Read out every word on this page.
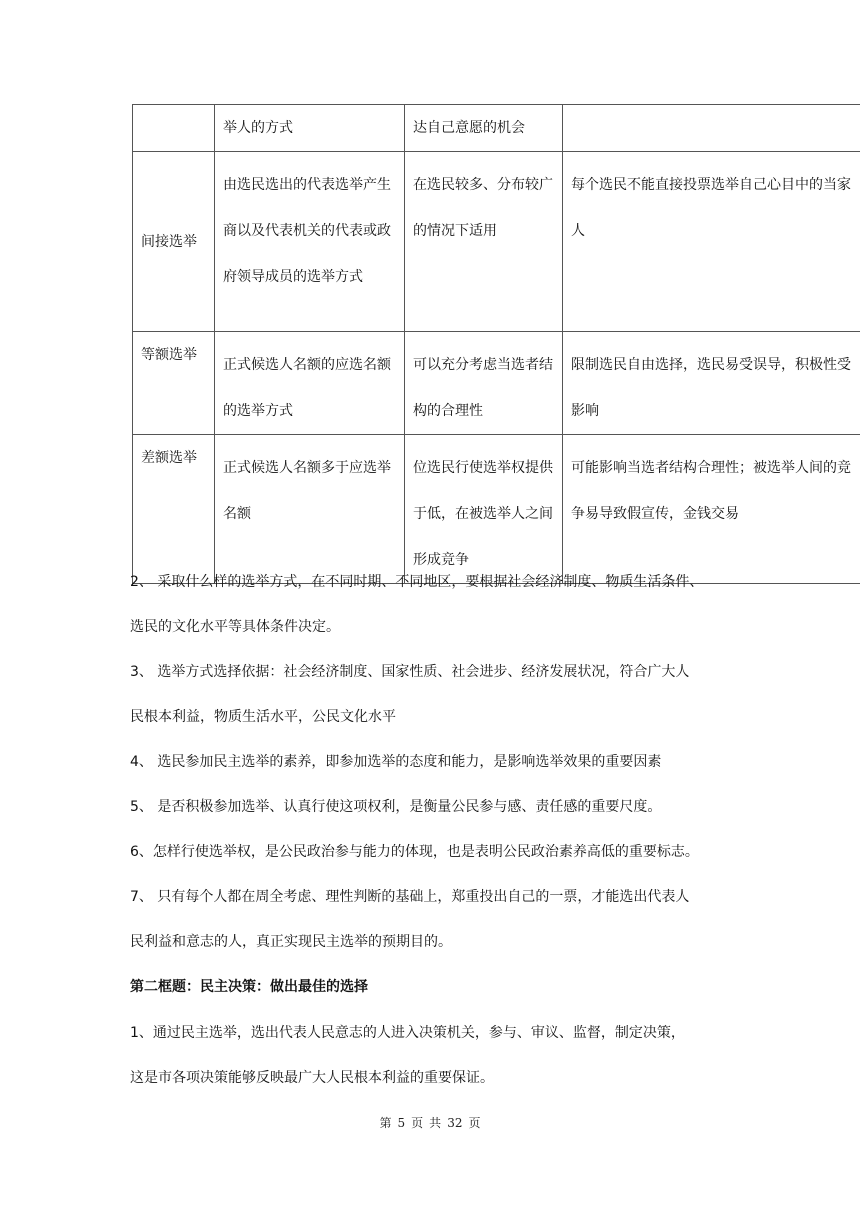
	举人的方式	达自己意愿的机会	
间接选举	由选民选出的代表选举产生商以及代表机关的代表或政府领导成员的选举方式	在选民较多、分布较广的情况下适用	每个选民不能直接投票选举自己心目中的当家人
等额选举	正式候选人名额的应选名额的选举方式	可以充分考虑当选者结构的合理性	限制选民自由选择，选民易受误导，积极性受影响
差额选举	正式候选人名额多于应选举名额	位选民行使选举权提供于低，在被选举人之间形成竞争	可能影响当选者结构合理性；被选举人间的竞争易导致假宣传，金钱交易
2、 采取什么样的选举方式，在不同时期、不同地区，要根据社会经济制度、物质生活条件、
选民的文化水平等具体条件决定。
3、 选举方式选择依据：社会经济制度、国家性质、社会进步、经济发展状况，符合广大人
民根本利益，物质生活水平，公民文化水平
4、 选民参加民主选举的素养，即参加选举的态度和能力，是影响选举效果的重要因素
5、 是否积极参加选举、认真行使这项权利，是衡量公民参与感、责任感的重要尺度。
6、怎样行使选举权，是公民政治参与能力的体现，也是表明公民政治素养高低的重要标志。
7、 只有每个人都在周全考虑、理性判断的基础上，郑重投出自己的一票，才能选出代表人
民利益和意志的人，真正实现民主选举的预期目的。
第二框题：民主决策：做出最佳的选择
1、通过民主选举，选出代表人民意志的人进入决策机关，参与、审议、监督，制定决策，
这是市各项决策能够反映最广大人民根本利益的重要保证。
第 5 页 共 32 页
